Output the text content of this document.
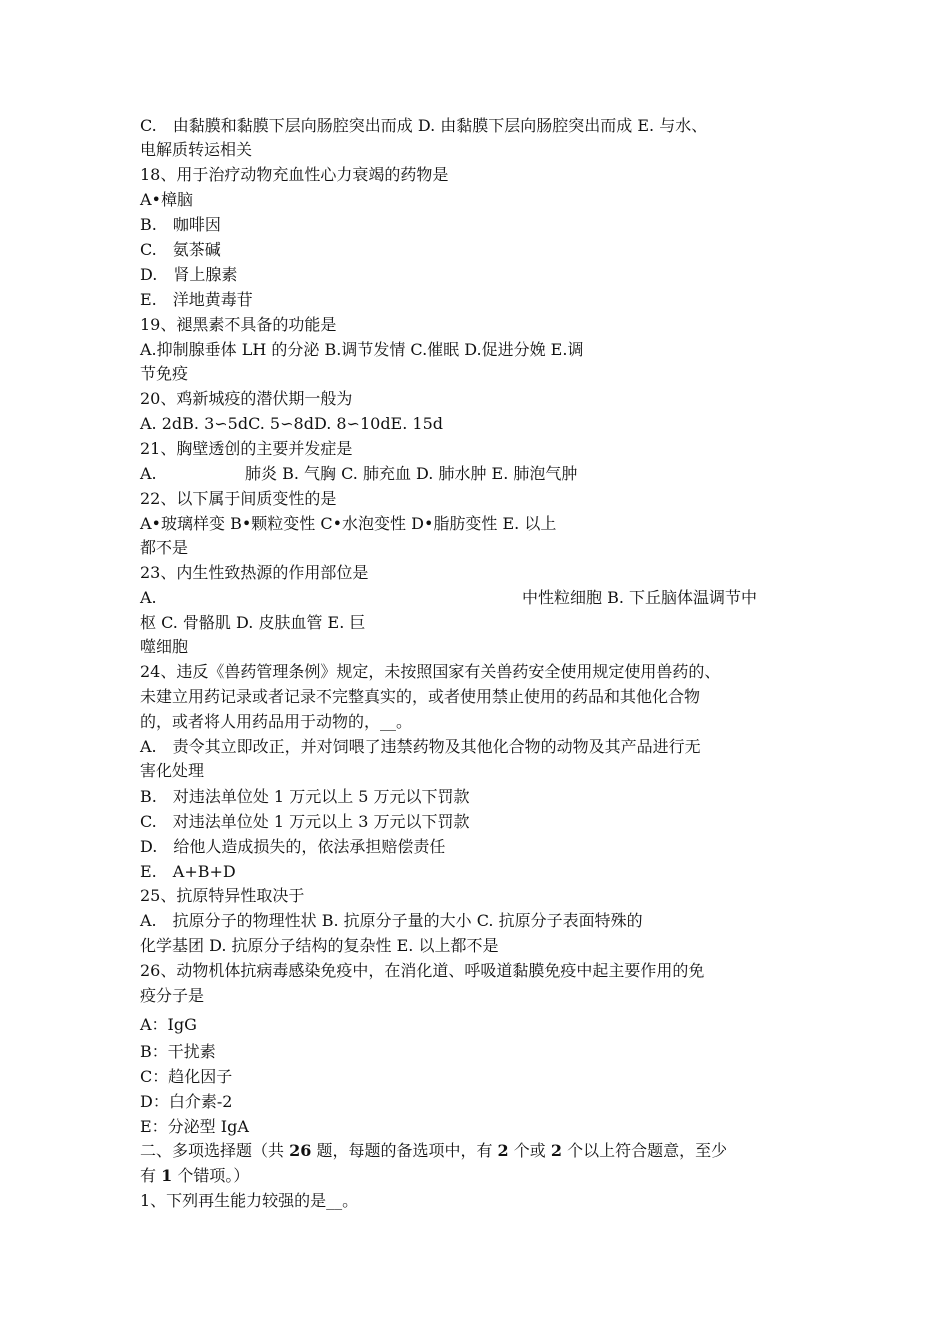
C.　由黏膜和黏膜下层向肠腔突出而成 D. 由黏膜下层向肠腔突出而成 E. 与水、
电解质转运相关
18、用于治疗动物充血性心力衰竭的药物是
A•樟脑
B.　咖啡因
C.　氨茶碱
D.　肾上腺素
E.　洋地黄毒苷
19、褪黑素不具备的功能是
A.抑制腺垂体 LH 的分泌 B.调节发情 C.催眠 D.促进分娩 E.调
节免疫
20、鸡新城疫的潜伏期一般为
A. 2dB. 3∽5dC. 5∽8dD. 8∽10dE. 15d
21、胸壁透创的主要并发症是

A.

	肺炎 B. 气胸 C. 肺充血 D. 肺水肿 E. 肺泡气肿

22、以下属于间质变性的是
A•玻璃样变 B•颗粒变性 C•水泡变性 D•脂肪变性 E. 以上
都不是
23、内生性致热源的作用部位是

A.

	中性粒细胞 B. 下丘脑体温调节中

枢 C. 骨骼肌 D. 皮肤血管 E. 巨
噬细胞
24、违反《兽药管理条例》规定，未按照国家有关兽药安全使用规定使用兽药的、
未建立用药记录或者记录不完整真实的，或者使用禁止使用的药品和其他化合物
的，或者将人用药品用于动物的，__。
A.　责令其立即改正，并对饲喂了违禁药物及其他化合物的动物及其产品进行无
害化处理
B.　对违法单位处 1 万元以上 5 万元以下罚款
C.　对违法单位处 1 万元以上 3 万元以下罚款
D.　给他人造成损失的，依法承担赔偿责任
E.　A+B+D
25、抗原特异性取决于
A.　抗原分子的物理性状 B. 抗原分子量的大小 C. 抗原分子表面特殊的
化学基团 D. 抗原分子结构的复杂性 E. 以上都不是
26、动物机体抗病毒感染免疫中，在消化道、呼吸道黏膜免疫中起主要作用的免
疫分子是
A：IgG
B：干扰素
C：趋化因子
D：白介素-2
E：分泌型 IgA
二、多项选择题（共 26 题，每题的备选项中，有 2 个或 2 个以上符合题意，至少
有 1 个错项。）
1、下列再生能力较强的是__。
